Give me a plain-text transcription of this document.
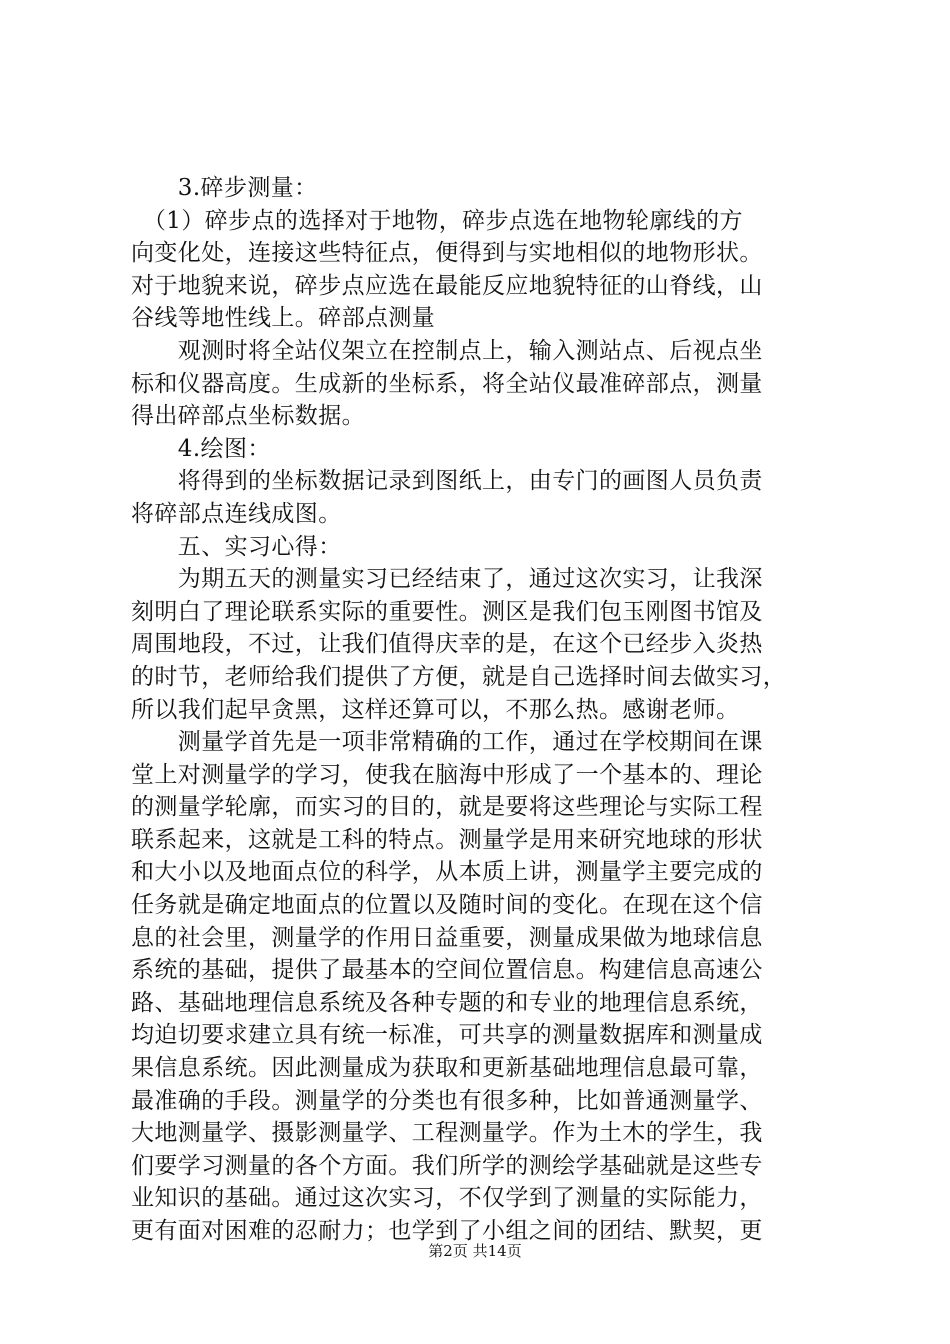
　　3.碎步测量：
　（1）碎步点的选择对于地物，碎步点选在地物轮廓线的方
向变化处，连接这些特征点，便得到与实地相似的地物形状。
对于地貌来说，碎步点应选在最能反应地貌特征的山脊线，山
谷线等地性线上。碎部点测量
　　观测时将全站仪架立在控制点上，输入测站点、后视点坐
标和仪器高度。生成新的坐标系，将全站仪最准碎部点，测量
得出碎部点坐标数据。
　　4.绘图：
　　将得到的坐标数据记录到图纸上，由专门的画图人员负责
将碎部点连线成图。
　　五、实习心得：
　　为期五天的测量实习已经结束了，通过这次实习，让我深
刻明白了理论联系实际的重要性。测区是我们包玉刚图书馆及
周围地段，不过，让我们值得庆幸的是，在这个已经步入炎热
的时节，老师给我们提供了方便，就是自己选择时间去做实习，
所以我们起早贪黑，这样还算可以，不那么热。感谢老师。
　　测量学首先是一项非常精确的工作，通过在学校期间在课
堂上对测量学的学习，使我在脑海中形成了一个基本的、理论
的测量学轮廓，而实习的目的，就是要将这些理论与实际工程
联系起来，这就是工科的特点。测量学是用来研究地球的形状
和大小以及地面点位的科学，从本质上讲，测量学主要完成的
任务就是确定地面点的位置以及随时间的变化。在现在这个信
息的社会里，测量学的作用日益重要，测量成果做为地球信息
系统的基础，提供了最基本的空间位置信息。构建信息高速公
路、基础地理信息系统及各种专题的和专业的地理信息系统，
均迫切要求建立具有统一标准，可共享的测量数据库和测量成
果信息系统。因此测量成为获取和更新基础地理信息最可靠，
最准确的手段。测量学的分类也有很多种，比如普通测量学、
大地测量学、摄影测量学、工程测量学。作为土木的学生，我
们要学习测量的各个方面。我们所学的测绘学基础就是这些专
业知识的基础。通过这次实习，不仅学到了测量的实际能力，
更有面对困难的忍耐力；也学到了小组之间的团结、默契，更
第2页 共14页
